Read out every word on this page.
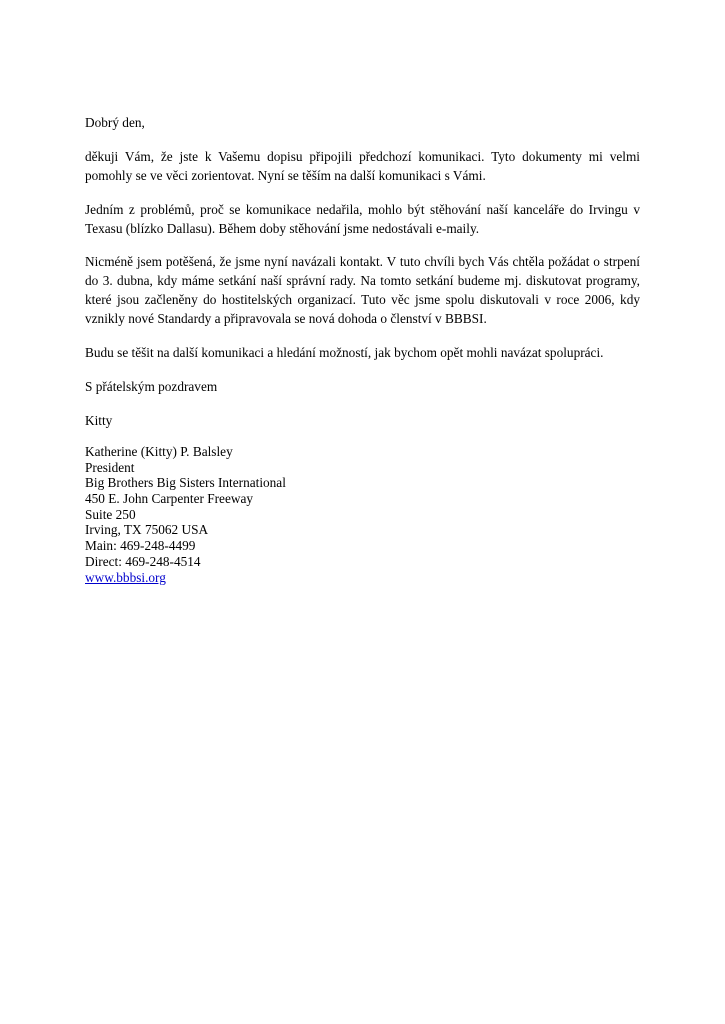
Dobrý den,

děkuji Vám, že jste k Vašemu dopisu připojili předchozí komunikaci. Tyto dokumenty mi velmi pomohly se ve věci zorientovat. Nyní se těším na další komunikaci s Vámi.

Jedním z problémů, proč se komunikace nedařila, mohlo být stěhování naší kanceláře do Irvingu v Texasu (blízko Dallasu). Během doby stěhování jsme nedostávali e-maily.

Nicméně jsem potěšená, že jsme nyní navázali kontakt. V tuto chvíli bych Vás chtěla požádat o strpení do 3. dubna, kdy máme setkání naší správní rady. Na tomto setkání budeme mj. diskutovat programy, které jsou začleněny do hostitelských organizací. Tuto věc jsme spolu diskutovali v roce 2006, kdy vznikly nové Standardy a připravovala se nová dohoda o členství v BBBSI.

Budu se těšit na další komunikaci a hledání možností, jak bychom opět mohli navázat spolupráci.

S přátelským pozdravem

Kitty

Katherine (Kitty) P. Balsley
President
Big Brothers Big Sisters International
450 E. John Carpenter Freeway
Suite 250
Irving, TX 75062 USA
Main: 469-248-4499
Direct: 469-248-4514
www.bbbsi.org
